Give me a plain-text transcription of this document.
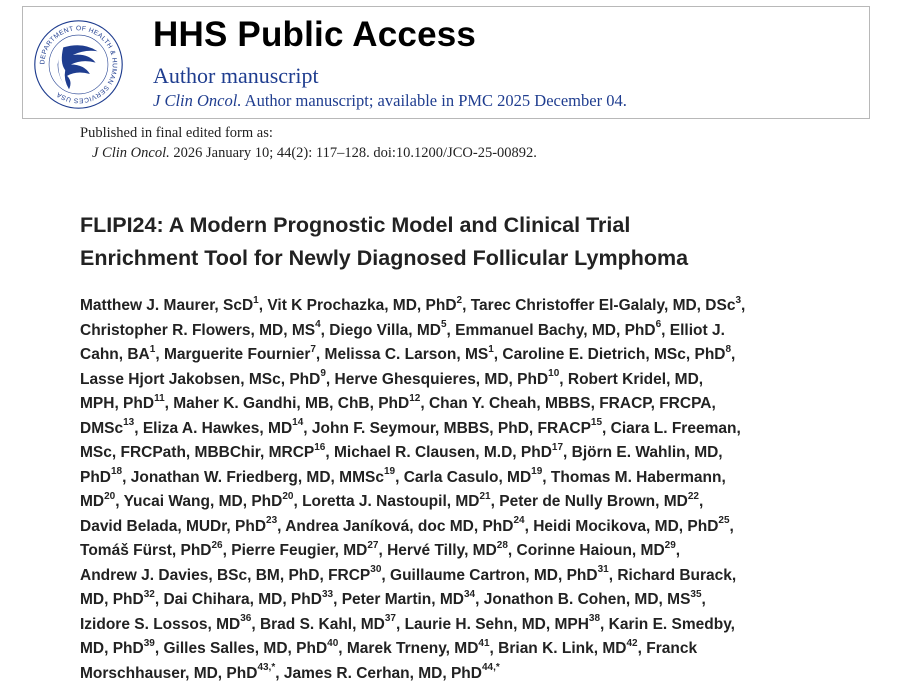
DEPARTMENT OF HEALTH & HUMAN SERVICES USA
HHS Public Access
Author manuscript
J Clin Oncol. Author manuscript; available in PMC 2025 December 04.
Published in final edited form as:
J Clin Oncol. 2026 January 10; 44(2): 117–128. doi:10.1200/JCO-25-00892.
FLIPI24: A Modern Prognostic Model and Clinical Trial
Enrichment Tool for Newly Diagnosed Follicular Lymphoma
Matthew J. Maurer, ScD$^1$, Vit K Prochazka, MD, PhD$^2$, Tarec Christoffer El-Galaly, MD, DSc$^3$,
Christopher R. Flowers, MD, $MS^4$, Diego Villa, $MD^5$, Emmanuel Bachy, MD, PhD$^6$, Elliot J.
Cahn, $BA^1$, Marguerite Fournier$^7$, Melissa C. Larson, $MS^1$, Caroline E. Dietrich, MSc, PhD$^8$,
Lasse Hjort Jakobsen, MSc, PhD$^9$, Herve Ghesquieres, MD, PhD$^{10}$, Robert Kridel, MD,
MPH, PhD$^{11}$, Maher K. Gandhi, MB, ChB, PhD$^{12}$, Chan Y. Cheah, MBBS, FRACP, FRCPA,
DMSc$^{13}$, Eliza A. Hawkes, MD$^{14}$, John F. Seymour, MBBS, PhD, FRACP$^{15}$, Ciara L. Freeman,
MSc, FRCPath, MBBChir, MRCP$^{16}$, Michael R. Clausen, M.D, PhD$^{17}$, Björn E. Wahlin, MD,
PhD$^{18}$, Jonathan W. Friedberg, MD, MMSc$^{19}$, Carla Casulo, MD$^{19}$, Thomas M. Habermann,
MD$^{20}$, Yucai Wang, MD, PhD$^{20}$, Loretta J. Nastoupil, MD$^{21}$, Peter de Nully Brown, MD$^{22}$,
David Belada, MUDr, PhD$^{23}$, Andrea Janíková, doc MD, PhD$^{24}$, Heidi Mocikova, MD, PhD$^{25}$,
Tomáš Fürst, PhD$^{26}$, Pierre Feugier, MD$^{27}$, Hervé Tilly, MD$^{28}$, Corinne Haioun, MD$^{29}$,
Andrew J. Davies, BSc, BM, PhD, FRCP$^{30}$, Guillaume Cartron, MD, PhD$^{31}$, Richard Burack,
MD, PhD$^{32}$, Dai Chihara, MD, PhD$^{33}$, Peter Martin, MD$^{34}$, Jonathon B. Cohen, MD, MS$^{35}$,
Izidore S. Lossos, MD$^{36}$, Brad S. Kahl, MD$^{37}$, Laurie H. Sehn, MD, MPH$^{38}$, Karin E. Smedby,
MD, PhD$^{39}$, Gilles Salles, MD, PhD$^{40}$, Marek Trneny, MD$^{41}$, Brian K. Link, MD$^{42}$, Franck
Morschhauser, MD, PhD$^{43,*}$, James R. Cerhan, MD, PhD$^{44,*}$
